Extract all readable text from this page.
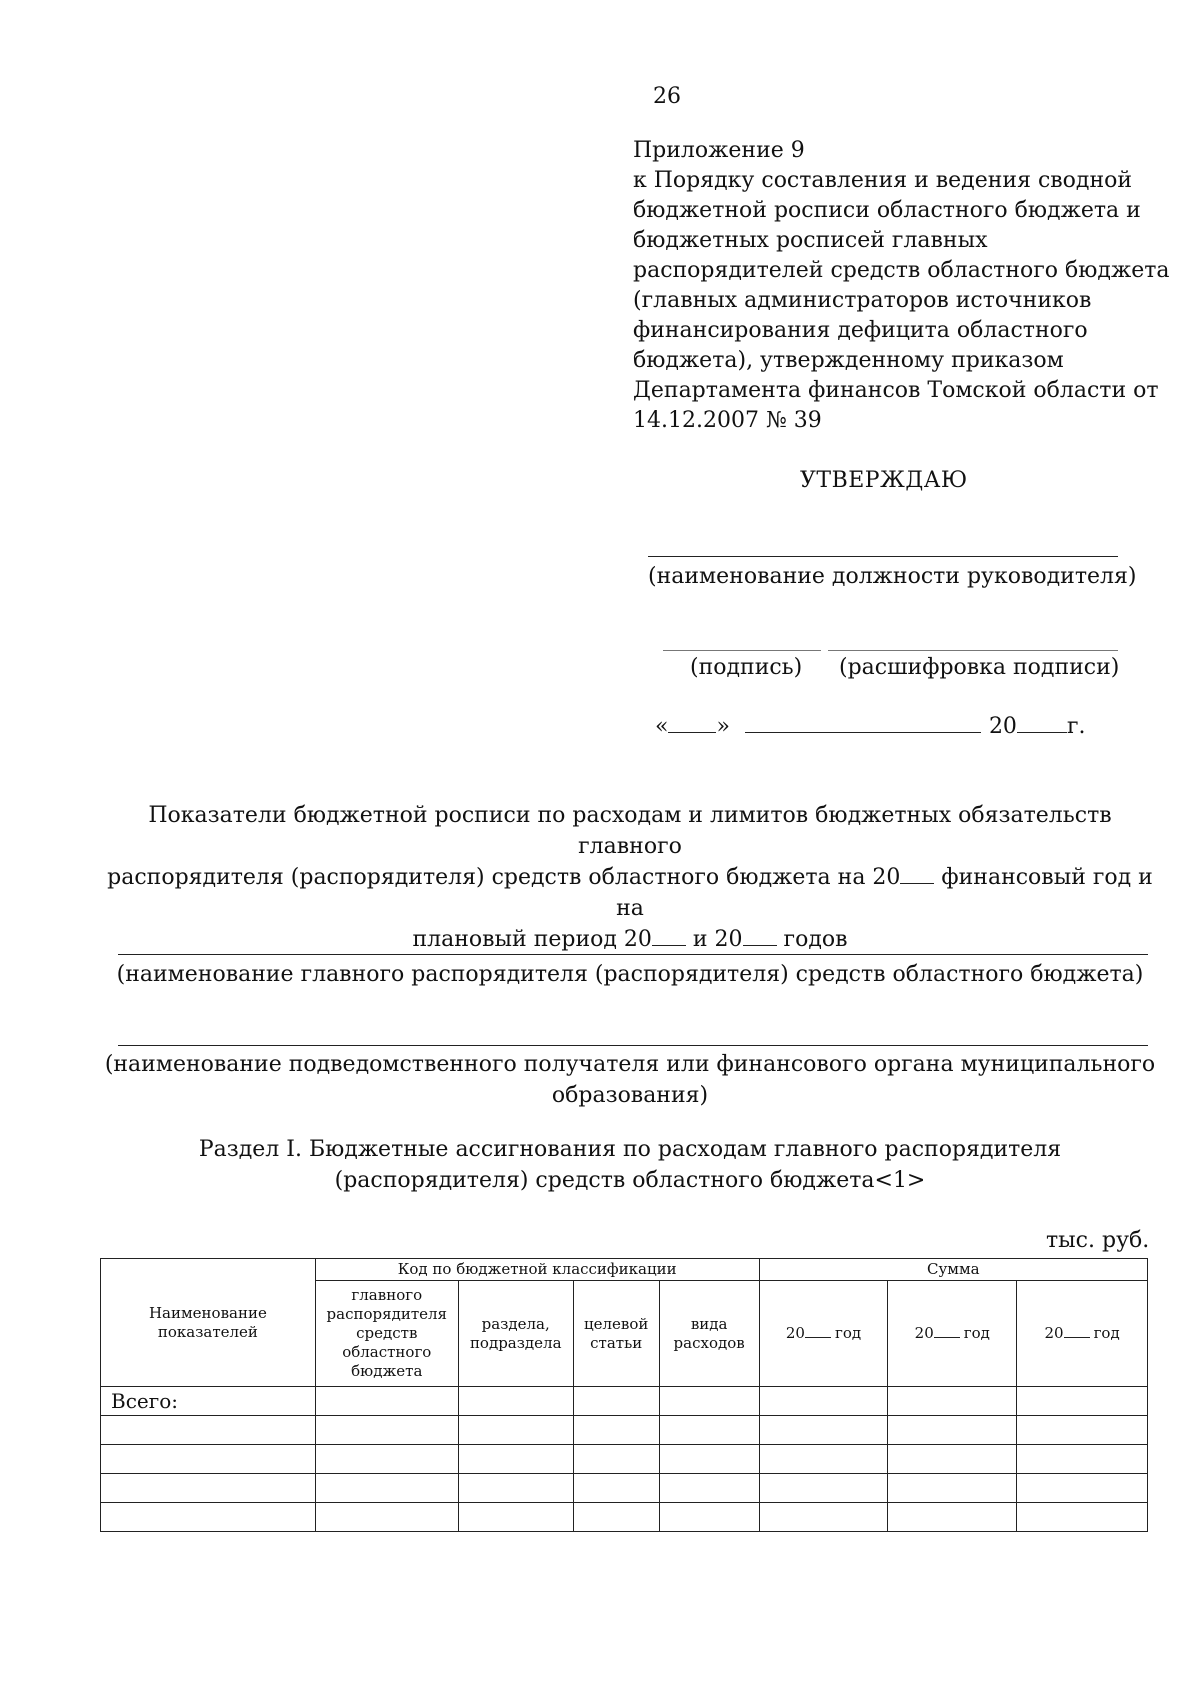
26
Приложение 9
к Порядку составления и ведения сводной
бюджетной росписи областного бюджета и
бюджетных росписей главных
распорядителей средств областного бюджета
(главных администраторов источников
финансирования дефицита областного
бюджета), утвержденному приказом
Департамента финансов Томской области от
14.12.2007 № 39
УТВЕРЖДАЮ
(наименование должности руководителя)
(подпись) (расшифровка подписи)
« »	20 г.
Показатели бюджетной росписи по расходам и лимитов бюджетных обязательств главного
распорядителя (распорядителя) средств областного бюджета на 20 финансовый год и на
плановый период 20 и 20 годов
(наименование главного распорядителя (распорядителя) средств областного бюджета)
(наименование подведомственного получателя или финансового органа муниципального
образования)
Раздел I. Бюджетные ассигнования по расходам главного распорядителя
(распорядителя) средств областного бюджета<1>
тыс. руб.
Наименование показателей	Код по бюджетной классификации				Сумма		
	главного распорядителя средств областного бюджета	раздела, подраздела	целевой статьи	вида расходов	20 год	20 год	20 год
Всего:							
